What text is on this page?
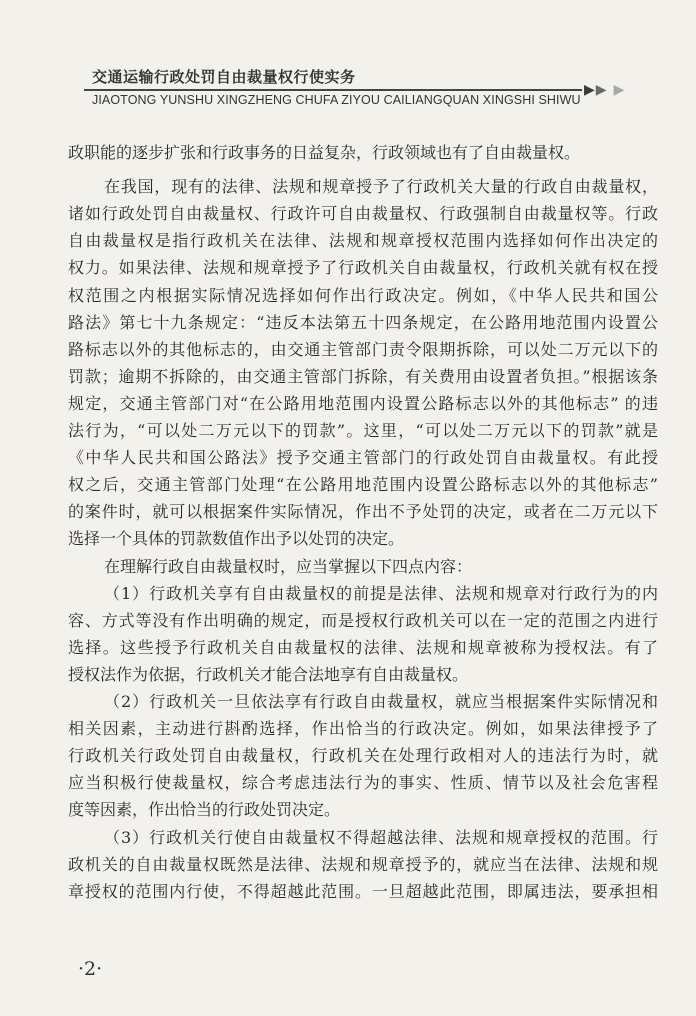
交通运输行政处罚自由裁量权行使实务
JIAOTONG YUNSHU XINGZHENG CHUFA ZIYOU CAILIANGQUAN XINGSHI SHIWU
▶▶ ▶
政职能的逐步扩张和行政事务的日益复杂，行政领域也有了自由裁量权。
在我国，现有的法律、法规和规章授予了行政机关大量的行政自由裁量权，
诸如行政处罚自由裁量权、行政许可自由裁量权、行政强制自由裁量权等。行政
自由裁量权是指行政机关在法律、法规和规章授权范围内选择如何作出决定的
权力。如果法律、法规和规章授予了行政机关自由裁量权，行政机关就有权在授
权范围之内根据实际情况选择如何作出行政决定。例如，《中华人民共和国公
路法》第七十九条规定：“违反本法第五十四条规定，在公路用地范围内设置公
路标志以外的其他标志的，由交通主管部门责令限期拆除，可以处二万元以下的
罚款；逾期不拆除的，由交通主管部门拆除，有关费用由设置者负担。”根据该条
规定，交通主管部门对“在公路用地范围内设置公路标志以外的其他标志” 的违
法行为，“可以处二万元以下的罚款”。这里，“可以处二万元以下的罚款”就是
《中华人民共和国公路法》授予交通主管部门的行政处罚自由裁量权。有此授
权之后，交通主管部门处理“在公路用地范围内设置公路标志以外的其他标志”
的案件时，就可以根据案件实际情况，作出不予处罚的决定，或者在二万元以下
选择一个具体的罚款数值作出予以处罚的决定。
在理解行政自由裁量权时，应当掌握以下四点内容：
（1）行政机关享有自由裁量权的前提是法律、法规和规章对行政行为的内
容、方式等没有作出明确的规定，而是授权行政机关可以在一定的范围之内进行
选择。这些授予行政机关自由裁量权的法律、法规和规章被称为授权法。有了
授权法作为依据，行政机关才能合法地享有自由裁量权。
（2）行政机关一旦依法享有行政自由裁量权，就应当根据案件实际情况和
相关因素，主动进行斟酌选择，作出恰当的行政决定。例如，如果法律授予了
行政机关行政处罚自由裁量权，行政机关在处理行政相对人的违法行为时，就
应当积极行使裁量权，综合考虑违法行为的事实、性质、情节以及社会危害程
度等因素，作出恰当的行政处罚决定。
（3）行政机关行使自由裁量权不得超越法律、法规和规章授权的范围。行
政机关的自由裁量权既然是法律、法规和规章授予的，就应当在法律、法规和规
章授权的范围内行使，不得超越此范围。一旦超越此范围，即属违法，要承担相
·2·
